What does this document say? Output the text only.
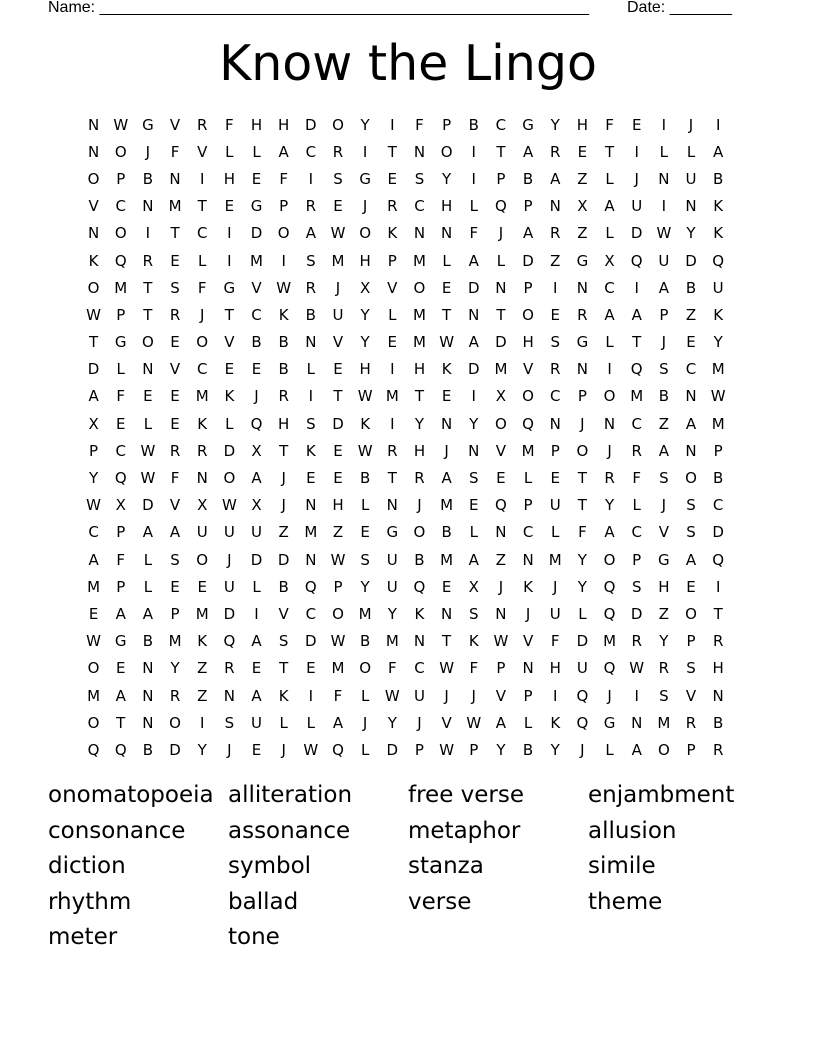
Name: _______________________________________________________ Date: _______
Know the Lingo
N W G	V	R	F	H	H	D	O	Y	I	F	P	B	C	G	Y	H	F	E	I	J	I
N	O	J	F	V	L	L	A	C	R	I	T	N	O	I	T	A	R	E	T	I	L	L	A
O	P	B	N	I	H	E	F	I	S	G	E	S	Y	I	P	B	A	Z	L	J	N	U	B
V	C	N	M	T	E	G	P	R	E	J	R	C	H	L	Q	P	N	X	A	U	I	N	K
N	O	I	T	C	I	D	O	A W O	K	N	N	F	J	A	R	Z	L	D W	Y	K
K	Q	R	E	L	I	M	I	S	M	H	P	M	L	A	L	D	Z	G	X	Q	U	D	Q
O M	T	S	F	G	V W R	J	X	V	O	E	D	N	P	I	N	C	I	A	B	U
W	P	T	R	J	T	C	K	B	U	Y	L	M	T	N	T	O	E	R	A	A	P	Z	K
T	G	O	E	O	V	B	B	N	V	Y	E	M W A	D	H	S	G	L	T	J	E	Y
D	L	N	V	C	E	E	B	L	E	H	I	H	K	D M	V	R	N	I	Q	S	C	M
A	F	E	E	M	K	J	R	I	T	W M	T	E	I	X	O	C	P	O M	B	N W
X	E	L	E	K	L	Q	H	S	D	K	I	Y	N	Y	O	Q	N	J	N	C	Z	A	M
P	C W R	R	D	X	T	K	E	W R	H	J	N	V	M	P	O	J	R	A	N	P
Y	Q W	F	N	O	A	J	E	E	B	T	R	A	S	E	L	E	T	R	F	S	O	B
W X	D	V	X W X	J	N	H	L	N	J	M	E	Q	P	U	T	Y	L	J	S	C
C	P	A	A	U	U	U	Z	M	Z	E	G	O	B	L	N	C	L	F	A	C	V	S	D
A	F	L	S	O	J	D	D	N W S	U	B	M	A	Z	N	M	Y	O	P	G	A	Q
M	P	L	E	E	U	L	B	Q	P	Y	U	Q	E	X	J	K	J	Y	Q	S	H	E	I
E	A	A	P	M D	I	V	C	O M	Y	K	N	S	N	J	U	L	Q	D	Z	O	T
W G	B	M	K	Q	A	S	D W B	M	N	T	K W V	F	D M	R	Y	P	R
O	E	N	Y	Z	R	E	T	E	M O	F	C W	F	P	N	H	U	Q W R	S	H
M	A	N	R	Z	N	A	K	I	F	L	W U	J	J	V	P	I	Q	J	I	S	V	N
O	T	N	O	I	S	U	L	L	A	J	Y	J	V W A	L	K	Q	G	N	M	R	B
Q	Q	B	D	Y	J	E	J	W Q	L	D	P	W	P	Y	B	Y	J	L	A	O	P	R
onomatopoeia alliteration	free verse	enjambment
consonance	assonance	metaphor	allusion
diction	symbol	stanza	simile
rhythm	ballad	verse	theme
meter	tone
